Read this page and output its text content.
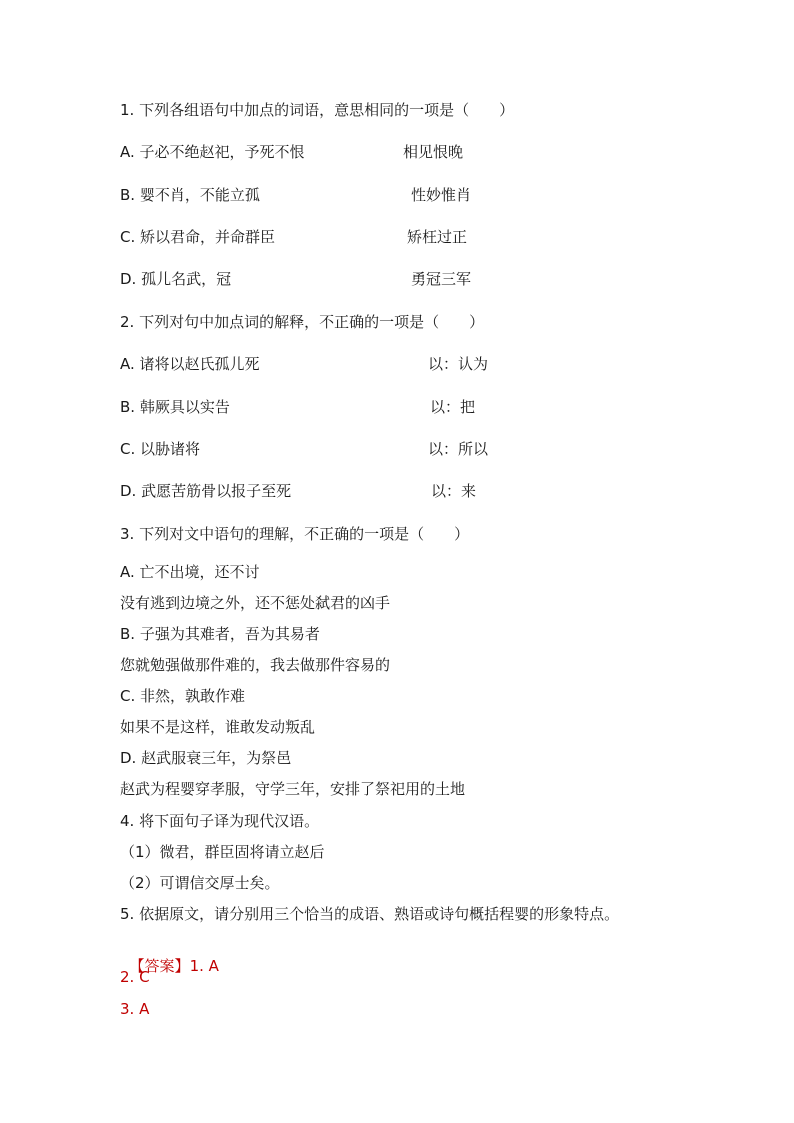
1. 下列各组语句中加点的词语，意思相同的一项是（　　）
A. 子必不绝赵祀，予死不恨	相见恨晚
B. 婴不肖，不能立孤	性妙惟肖
C. 矫以君命，并命群臣	矫枉过正
D. 孤儿名武，冠	勇冠三军
2. 下列对句中加点词的解释，不正确的一项是（　　）
A. 诸将以赵氏孤儿死	以：认为
B. 韩厥具以实告	以：把
C. 以胁诸将	以：所以
D. 武愿苦筋骨以报子至死	以：来
3. 下列对文中语句的理解，不正确的一项是（　　）
A. 亡不出境，还不讨
没有逃到边境之外，还不惩处弑君的凶手
B. 子强为其难者，吾为其易者
您就勉强做那件难的，我去做那件容易的
C. 非然，孰敢作难
如果不是这样，谁敢发动叛乱
D. 赵武服衰三年，为祭邑
赵武为程婴穿孝服，守学三年，安排了祭祀用的土地
4. 将下面句子译为现代汉语。
（1）微君，群臣固将请立赵后
（2）可谓信交厚士矣。
5. 依据原文，请分别用三个恰当的成语、熟语或诗句概括程婴的形象特点。

【答案】1. A

2. C
3. A
